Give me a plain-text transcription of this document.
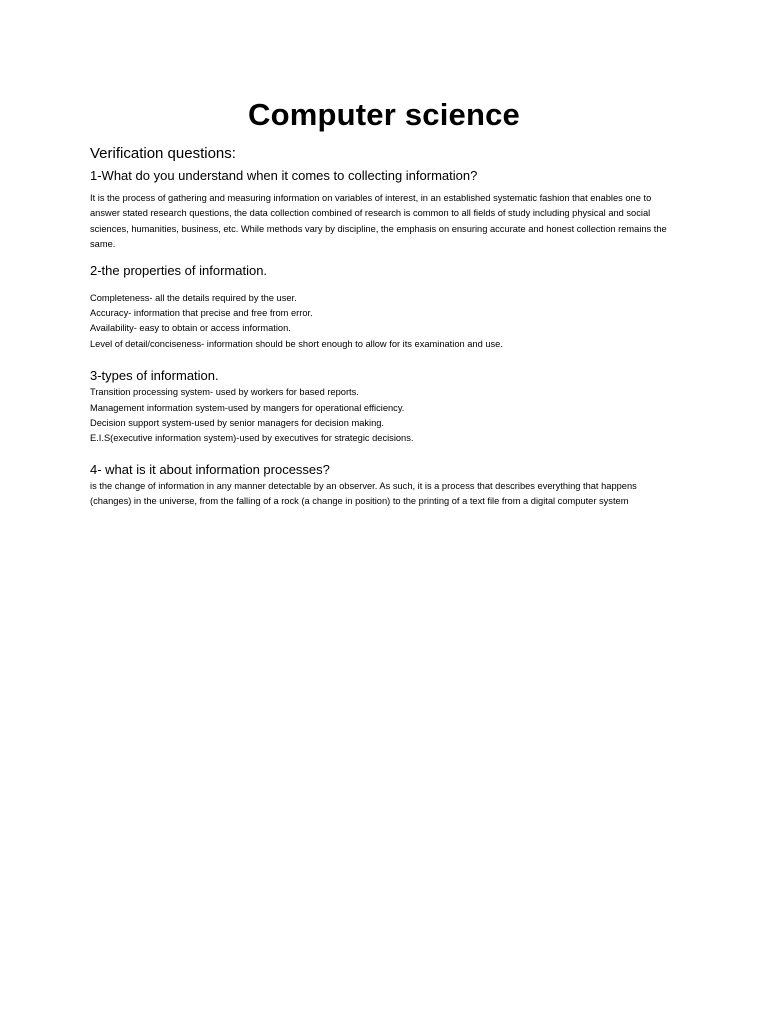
Computer science
Verification questions:
1-What do you understand when it comes to collecting information?

It is the process of gathering and measuring information on variables of interest, in an established systematic fashion that enables one to answer stated research questions, the data collection combined of research is common to all fields of study including physical and social sciences, humanities, business, etc. While methods vary by discipline, the emphasis on ensuring accurate and honest collection remains the same.

2-the properties of information.
Completeness- all the details required by the user.
Accuracy- information that precise and free from error.
Availability- easy to obtain or access information.
Level of detail/conciseness- information should be short enough to allow for its examination and use.
3-types of information.
Transition processing system- used by workers for based reports.
Management information system-used by mangers for operational efficiency.
Decision support system-used by senior managers for decision making.
E.I.S(executive information system)-used by executives for strategic decisions.
4- what is it about information processes?

is the change of information in any manner detectable by an observer. As such, it is a process that describes everything that happens (changes) in the universe, from the falling of a rock (a change in position) to the printing of a text file from a digital computer system
